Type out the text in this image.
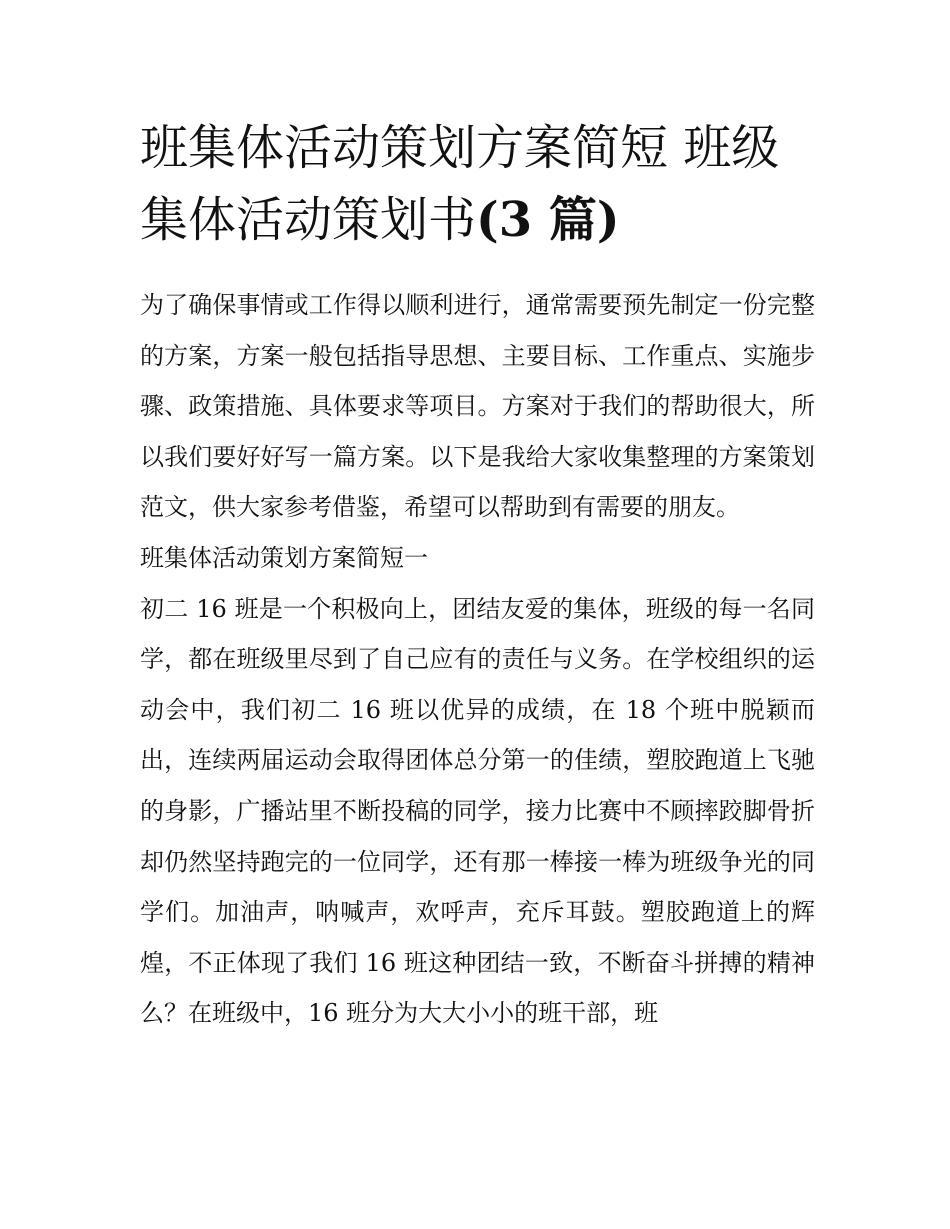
班集体活动策划方案简短 班级集体活动策划书(3 篇)

为了确保事情或工作得以顺利进行，通常需要预先制定一份完整的方案，方案一般包括指导思想、主要目标、工作重点、实施步骤、政策措施、具体要求等项目。方案对于我们的帮助很大，所以我们要好好写一篇方案。以下是我给大家收集整理的方案策划范文，供大家参考借鉴，希望可以帮助到有需要的朋友。

班集体活动策划方案简短一

初二 16 班是一个积极向上，团结友爱的集体，班级的每一名同学，都在班级里尽到了自己应有的责任与义务。在学校组织的运动会中，我们初二 16 班以优异的成绩，在 18 个班中脱颖而出，连续两届运动会取得团体总分第一的佳绩，塑胶跑道上飞驰的身影，广播站里不断投稿的同学，接力比赛中不顾摔跤脚骨折却仍然坚持跑完的一位同学，还有那一棒接一棒为班级争光的同学们。加油声，呐喊声，欢呼声，充斥耳鼓。塑胶跑道上的辉煌，不正体现了我们 16 班这种团结一致，不断奋斗拼搏的精神么？在班级中，16 班分为大大小小的班干部，班
